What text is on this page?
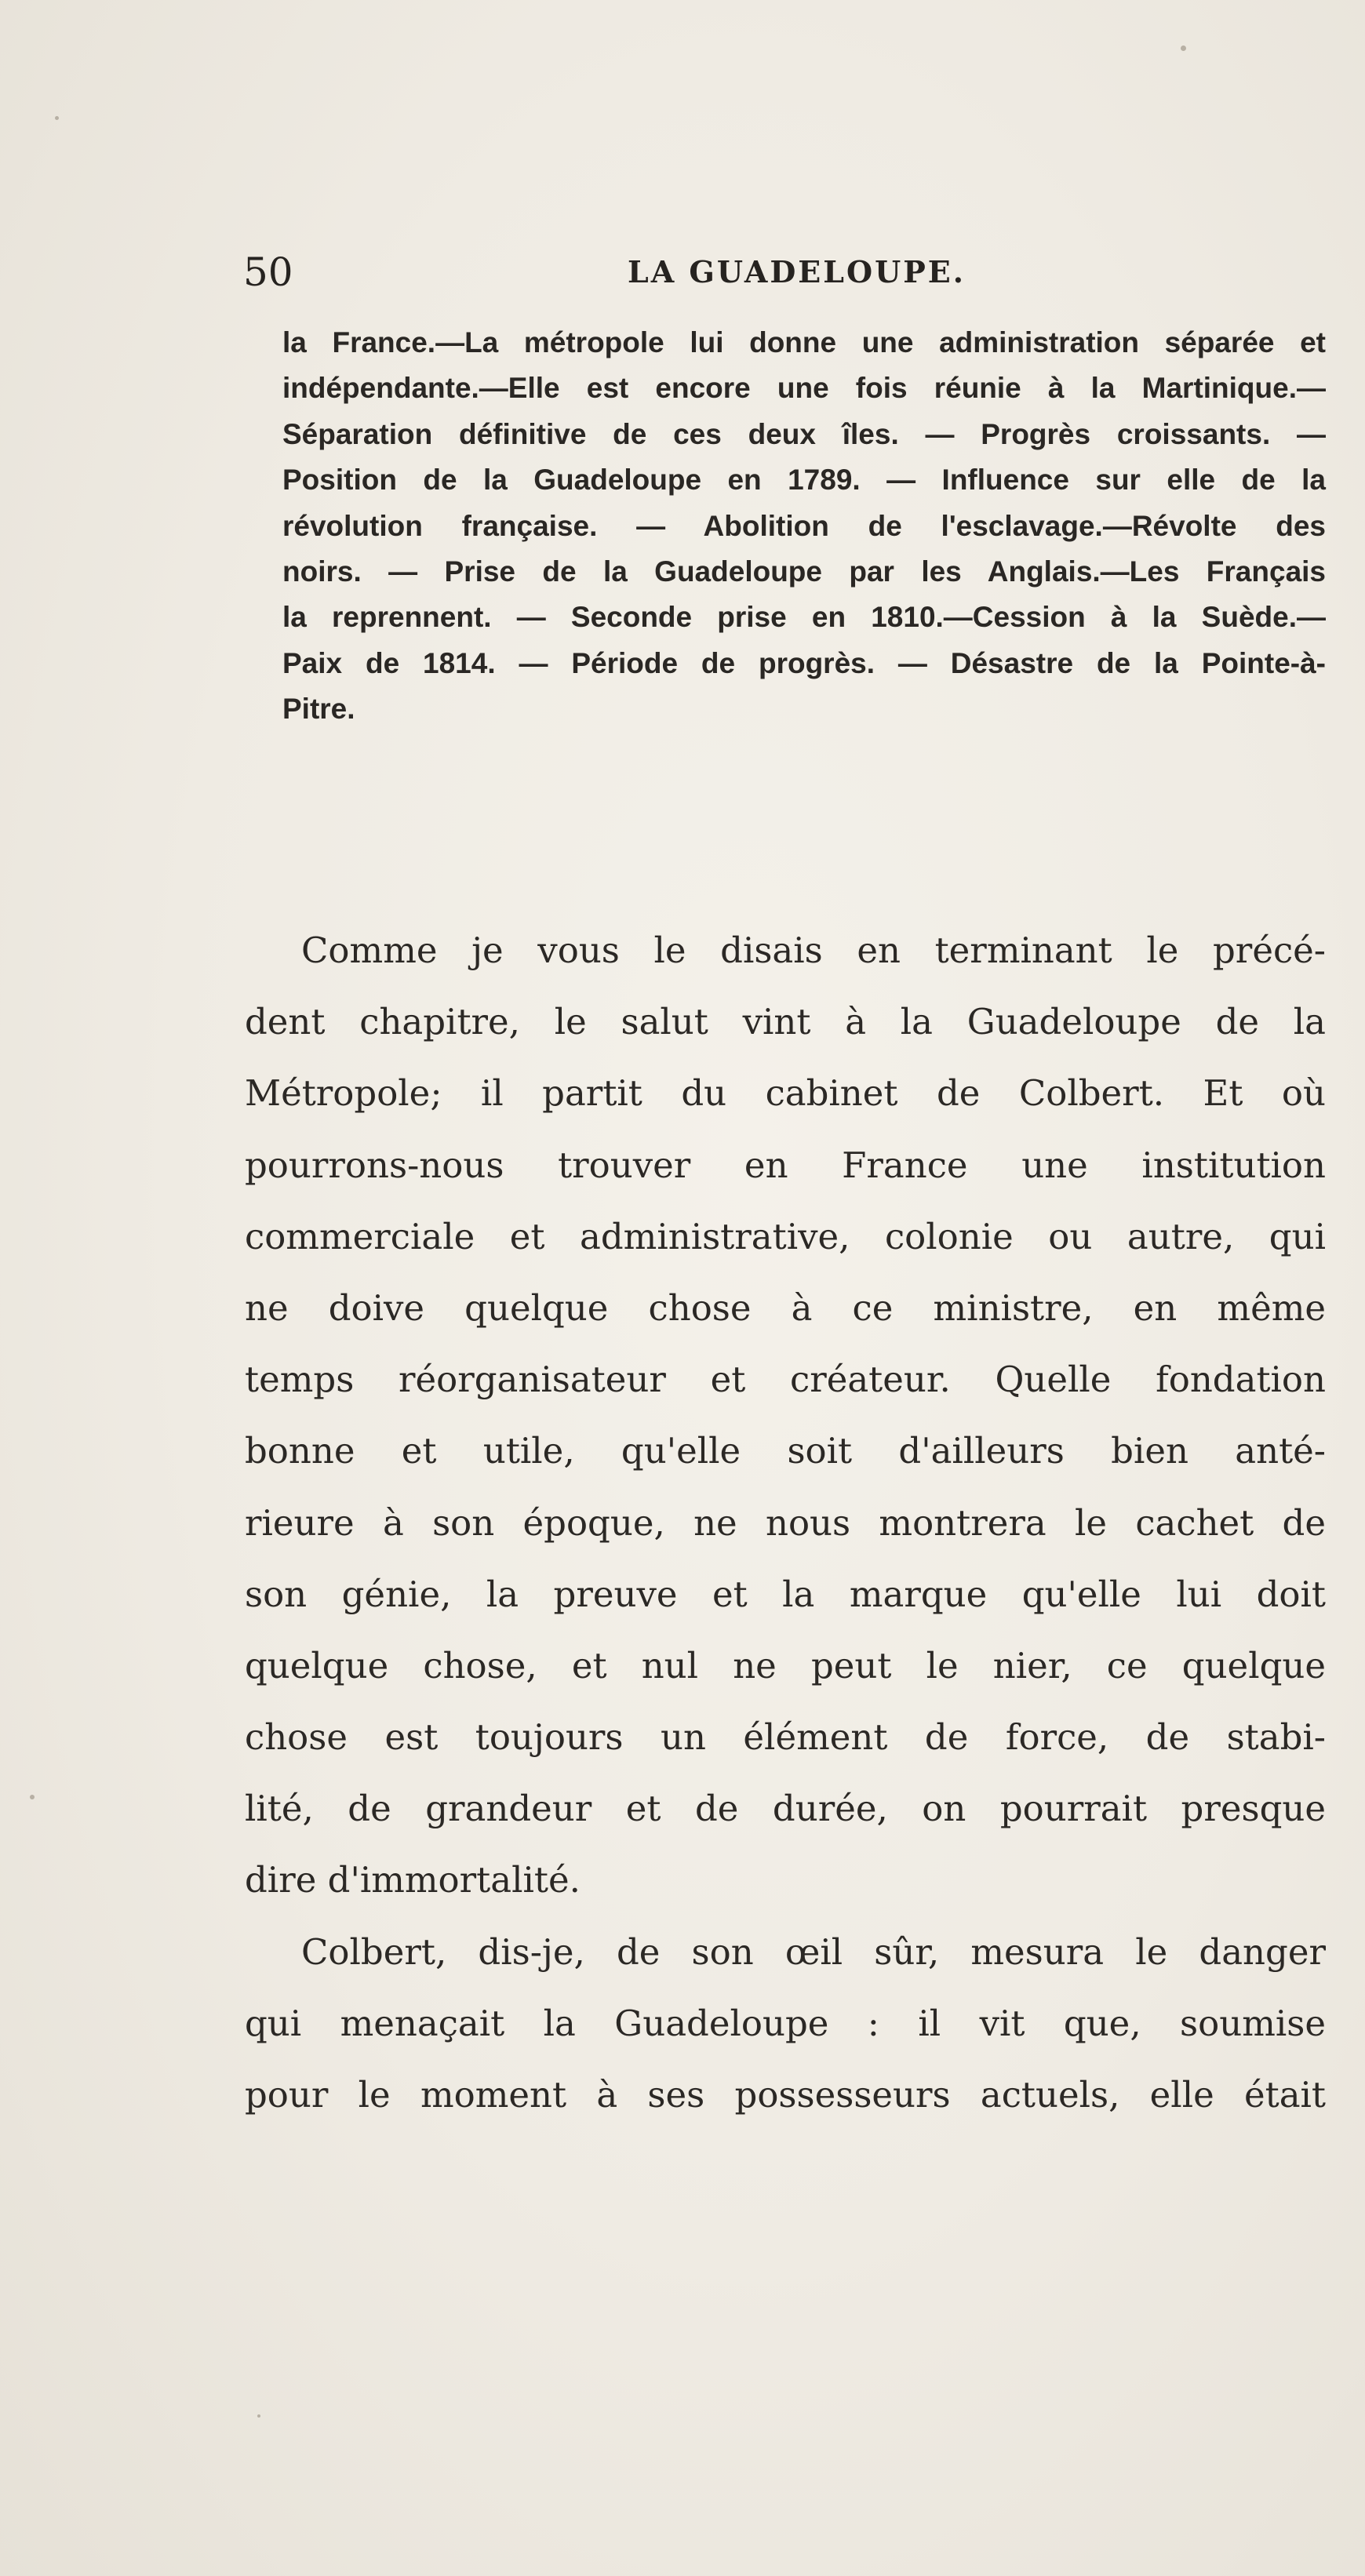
50	LA GUADELOUPE.
la France.—La métropole lui donne une administration séparée et
indépendante.—Elle est encore une fois réunie à la Martinique.—
Séparation définitive de ces deux îles. — Progrès croissants. —
Position de la Guadeloupe en 1789. — Influence sur elle de la
révolution française. — Abolition de l'esclavage.—Révolte des
noirs. — Prise de la Guadeloupe par les Anglais.—Les Français
la reprennent. — Seconde prise en 1810.—Cession à la Suède.—
Paix de 1814. — Période de progrès. — Désastre de la Pointe-à-
Pitre.
Comme je vous le disais en terminant le précé-
dent chapitre, le salut vint à la Guadeloupe de la
Métropole; il partit du cabinet de Colbert. Et où
pourrons-nous trouver en France une institution
commerciale et administrative, colonie ou autre, qui
ne doive quelque chose à ce ministre, en même
temps réorganisateur et créateur. Quelle fondation
bonne et utile, qu'elle soit d'ailleurs bien anté-
rieure à son époque, ne nous montrera le cachet de
son génie, la preuve et la marque qu'elle lui doit
quelque chose, et nul ne peut le nier, ce quelque
chose est toujours un élément de force, de stabi-
lité, de grandeur et de durée, on pourrait presque
dire d'immortalité.
Colbert, dis-je, de son œil sûr, mesura le danger
qui menaçait la Guadeloupe : il vit que, soumise
pour le moment à ses possesseurs actuels, elle était
